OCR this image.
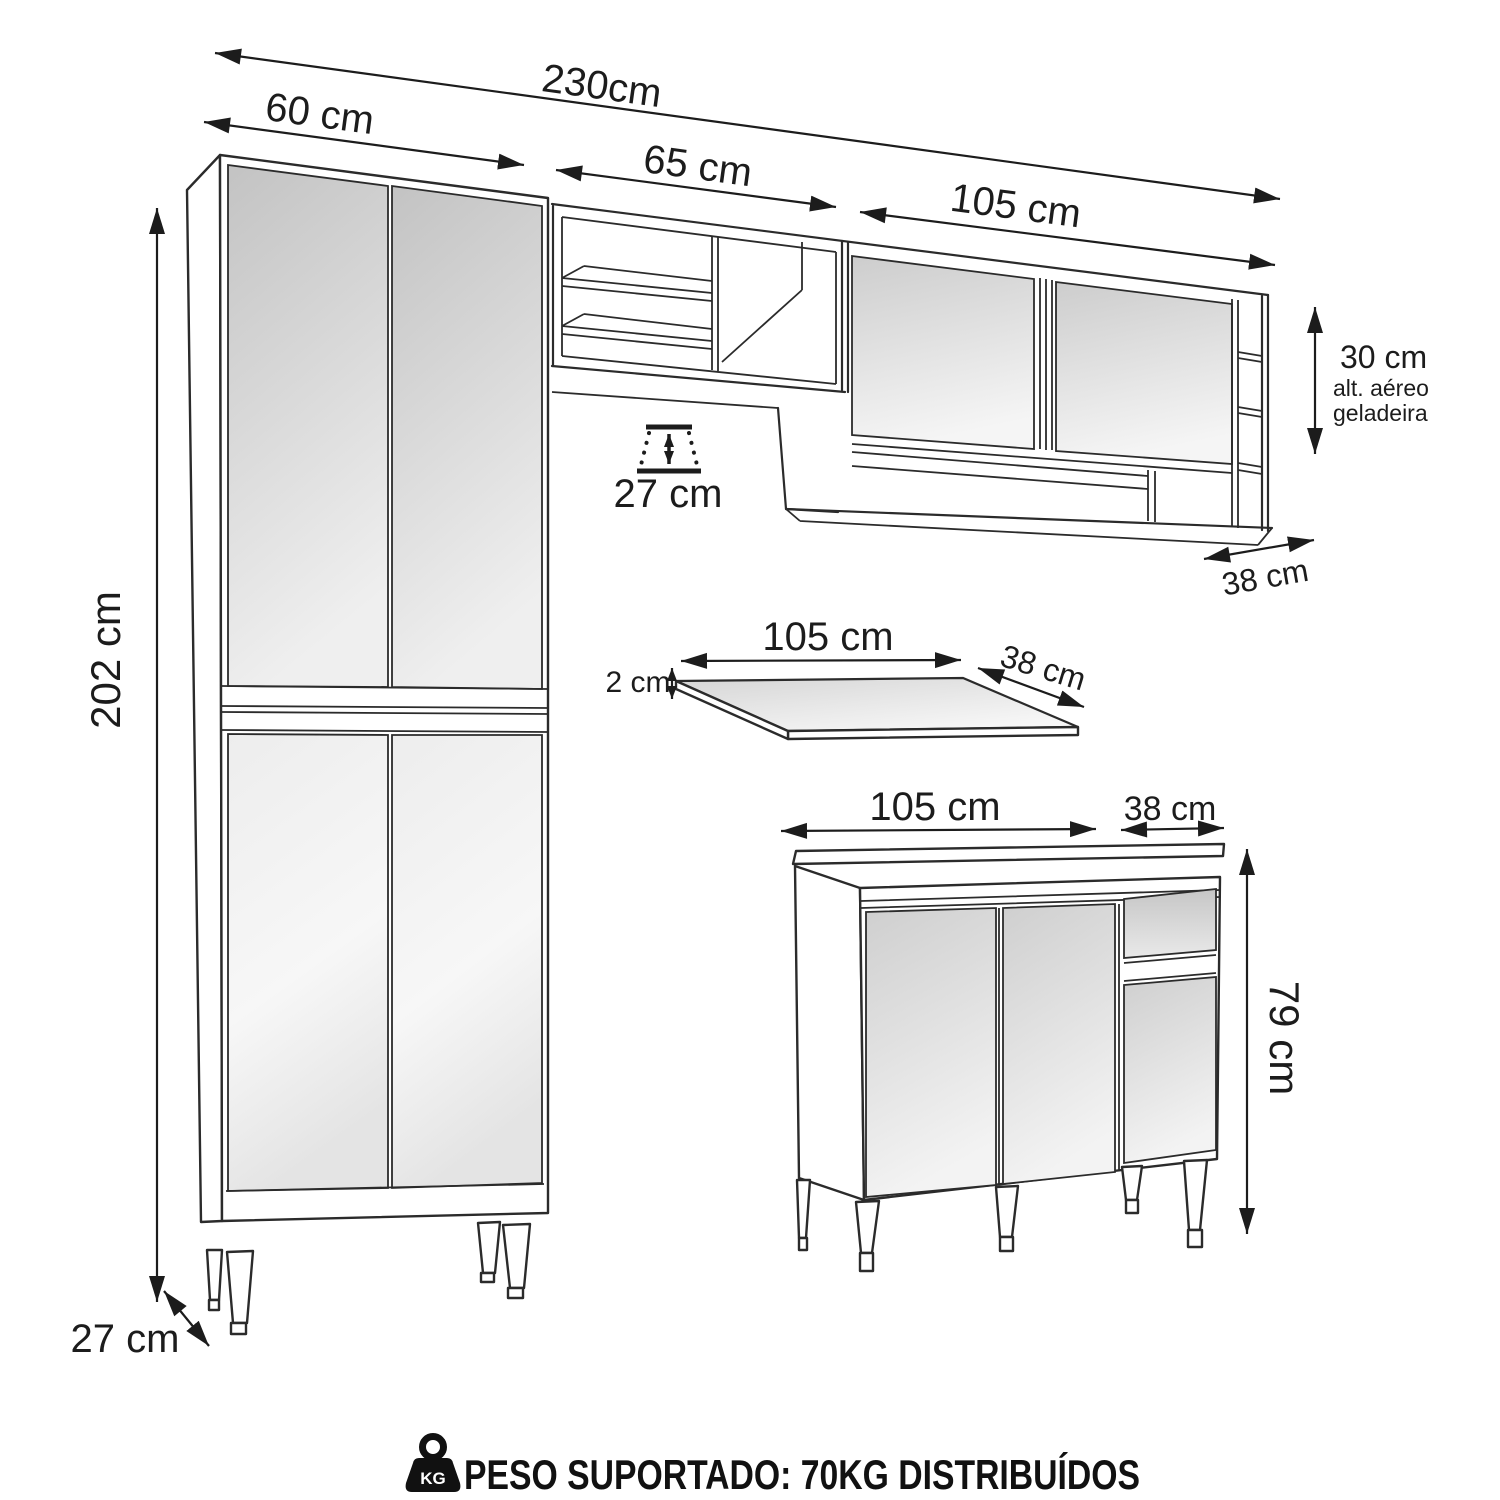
230cm
60 cm
65 cm
105 cm
30 cm
alt. aéreo
geladeira
38 cm
27 cm
202 cm
27 cm
105 cm
2 cm	38 cm
105 cm	38 cm
79 cm
KG PESO SUPORTADO: 70KG DISTRIBUÍDOS
